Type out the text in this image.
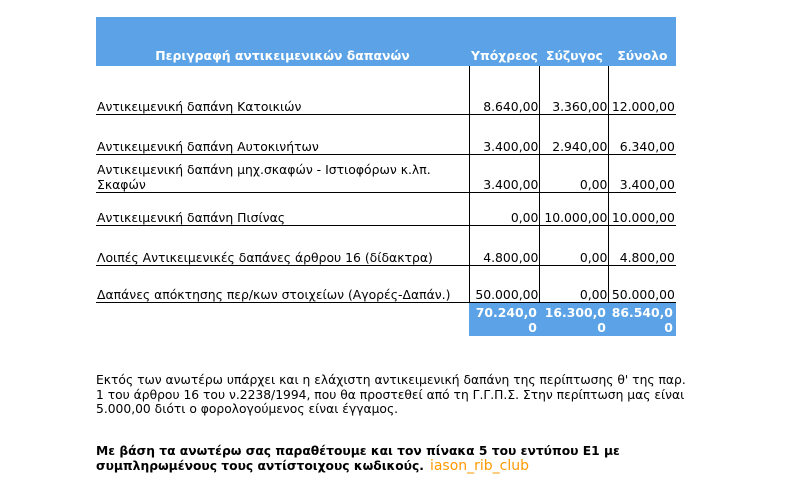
Περιγραφή αντικειμενικών δαπανών	Υπόχρεος	Σύζυγος	Σύνολο
Αντικειμενική δαπάνη Κατοικιών	8.640,00	3.360,00	12.000,00
Αντικειμενική δαπάνη Αυτοκινήτων	3.400,00	2.940,00	6.340,00
Αντικειμενική δαπάνη μηχ.σκαφών - Ιστιοφόρων κ.λπ. Σκαφών	3.400,00	0,00	3.400,00
Αντικειμενική δαπάνη Πισίνας	0,00	10.000,00	10.000,00
Λοιπές Αντικειμενικές δαπάνες άρθρου 16 (δίδακτρα)	4.800,00	0,00	4.800,00
Δαπάνες απόκτησης περ/κων στοιχείων (Αγορές-Δαπάν.)	50.000,00	0,00	50.000,00
	70.240,00	16.300,00	86.540,00
Εκτός των ανωτέρω υπάρχει και η ελάχιστη αντικειμενική δαπάνη της περίπτωσης θ' της παρ. 1 του άρθρου 16 του ν.2238/1994, που θα προστεθεί από τη Γ.Γ.Π.Σ. Στην περίπτωση μας είναι 5.000,00 διότι ο φορολογούμενος είναι έγγαμος.
Με βάση τα ανωτέρω σας παραθέτουμε και τον πίνακα 5 του εντύπου Ε1 με συμπληρωμένους τους αντίστοιχους κωδικούς. iason_rib_club
